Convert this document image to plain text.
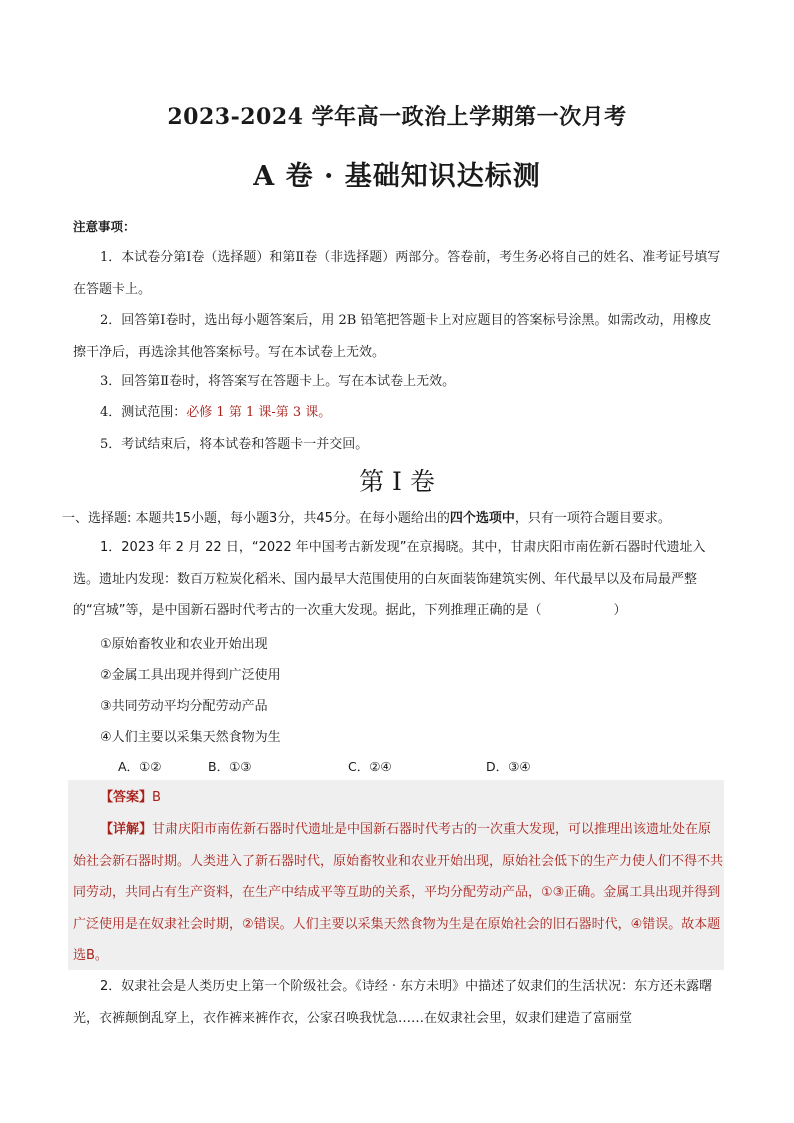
2023-2024 学年高一政治上学期第一次月考
A 卷 · 基础知识达标测
注意事项：

1．本试卷分第Ⅰ卷（选择题）和第Ⅱ卷（非选择题）两部分。答卷前，考生务必将自己的姓名、准考证号填写在答题卡上。

2．回答第Ⅰ卷时，选出每小题答案后，用 2B 铅笔把答题卡上对应题目的答案标号涂黑。如需改动，用橡皮擦干净后，再选涂其他答案标号。写在本试卷上无效。

3．回答第Ⅱ卷时，将答案写在答题卡上。写在本试卷上无效。

4．测试范围：必修 1 第 1 课-第 3 课。

5．考试结束后，将本试卷和答题卡一并交回。

第 I 卷
一、选择题: 本题共15小题，每小题3分，共45分。在每小题给出的四个选项中，只有一项符合题目要求。

1．2023 年 2 月 22 日，“2022 年中国考古新发现”在京揭晓。其中，甘肃庆阳市南佐新石器时代遗址入选。遗址内发现：数百万粒炭化稻米、国内最早大范围使用的白灰面装饰建筑实例、年代最早以及布局最严整的“宫城”等，是中国新石器时代考古的一次重大发现。据此，下列推理正确的是（	）

①原始畜牧业和农业开始出现
②金属工具出现并得到广泛使用
③共同劳动平均分配劳动产品
④人们主要以采集天然食物为生
A．①②	B．①③	C．②④	D．③④

【答案】B

【详解】甘肃庆阳市南佐新石器时代遗址是中国新石器时代考古的一次重大发现，可以推理出该遗址处在原始社会新石器时期。人类进入了新石器时代，原始畜牧业和农业开始出现，原始社会低下的生产力使人们不得不共同劳动，共同占有生产资料，在生产中结成平等互助的关系，平均分配劳动产品，①③正确。金属工具出现并得到广泛使用是在奴隶社会时期，②错误。人们主要以采集天然食物为生是在原始社会的旧石器时代，④错误。故本题选B。

2．奴隶社会是人类历史上第一个阶级社会。《诗经 · 东方未明》中描述了奴隶们的生活状况：东方还未露曙光，衣裤颠倒乱穿上，衣作裤来裤作衣，公家召唤我忧急……在奴隶社会里，奴隶们建造了富丽堂
